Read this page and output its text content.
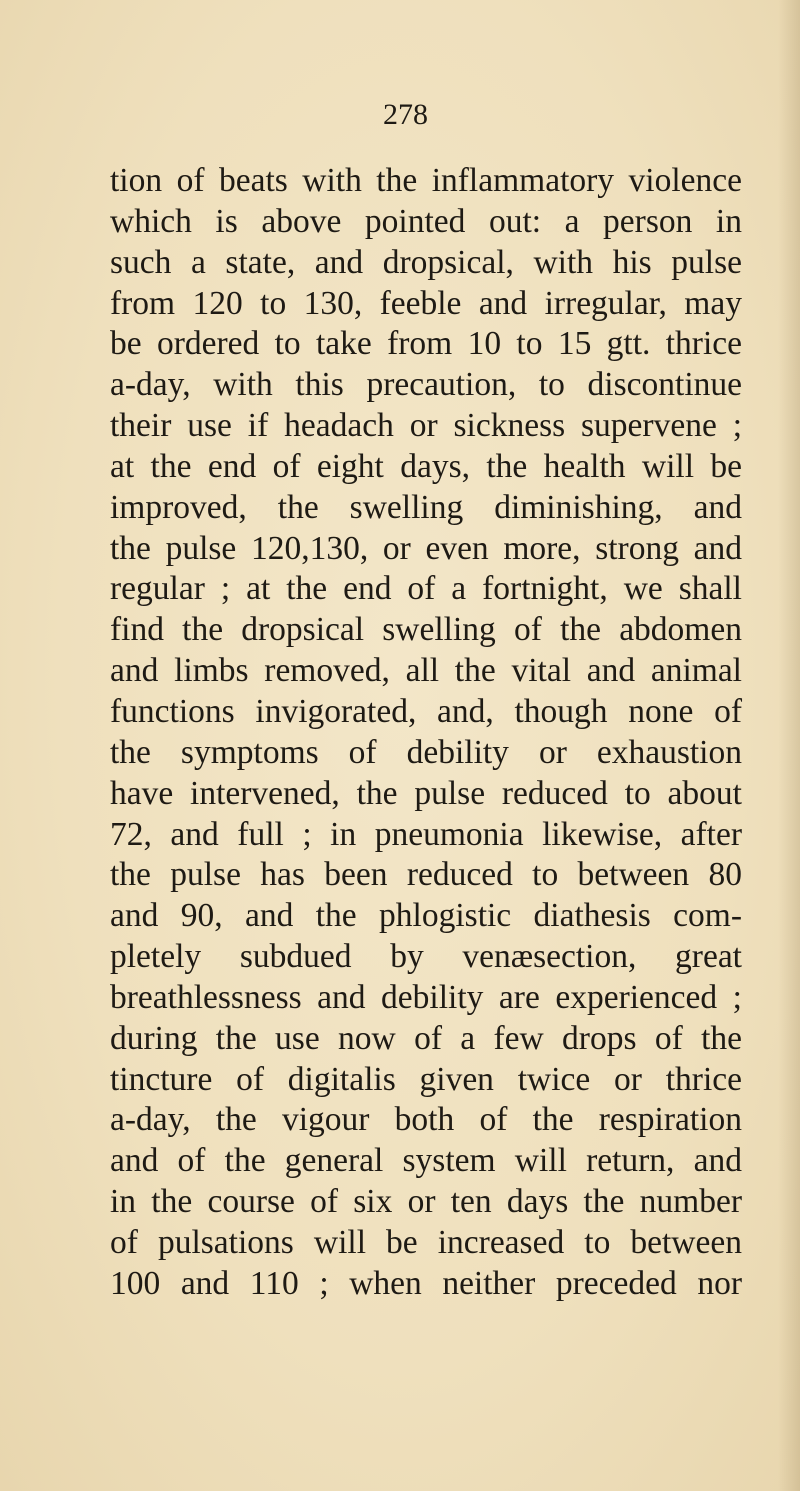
278

tion of beats with the inflammatory violence
which is above pointed out: a person in
such a state, and dropsical, with his pulse
from 120 to 130, feeble and irregular, may
be ordered to take from 10 to 15 gtt. thrice
a-day, with this precaution, to discontinue
their use if headach or sickness supervene ;
at the end of eight days, the health will be
improved, the swelling diminishing, and
the pulse 120,130, or even more, strong and
regular ; at the end of a fortnight, we shall
find the dropsical swelling of the abdomen
and limbs removed, all the vital and animal
functions invigorated, and, though none of
the symptoms of debility or exhaustion
have intervened, the pulse reduced to about
72, and full ; in pneumonia likewise, after
the pulse has been reduced to between 80
and 90, and the phlogistic diathesis com-
pletely subdued by venæsection, great
breathlessness and debility are experienced ;
during the use now of a few drops of the
tincture of digitalis given twice or thrice
a-day, the vigour both of the respiration
and of the general system will return, and
in the course of six or ten days the number
of pulsations will be increased to between
100 and 110 ; when neither preceded nor
